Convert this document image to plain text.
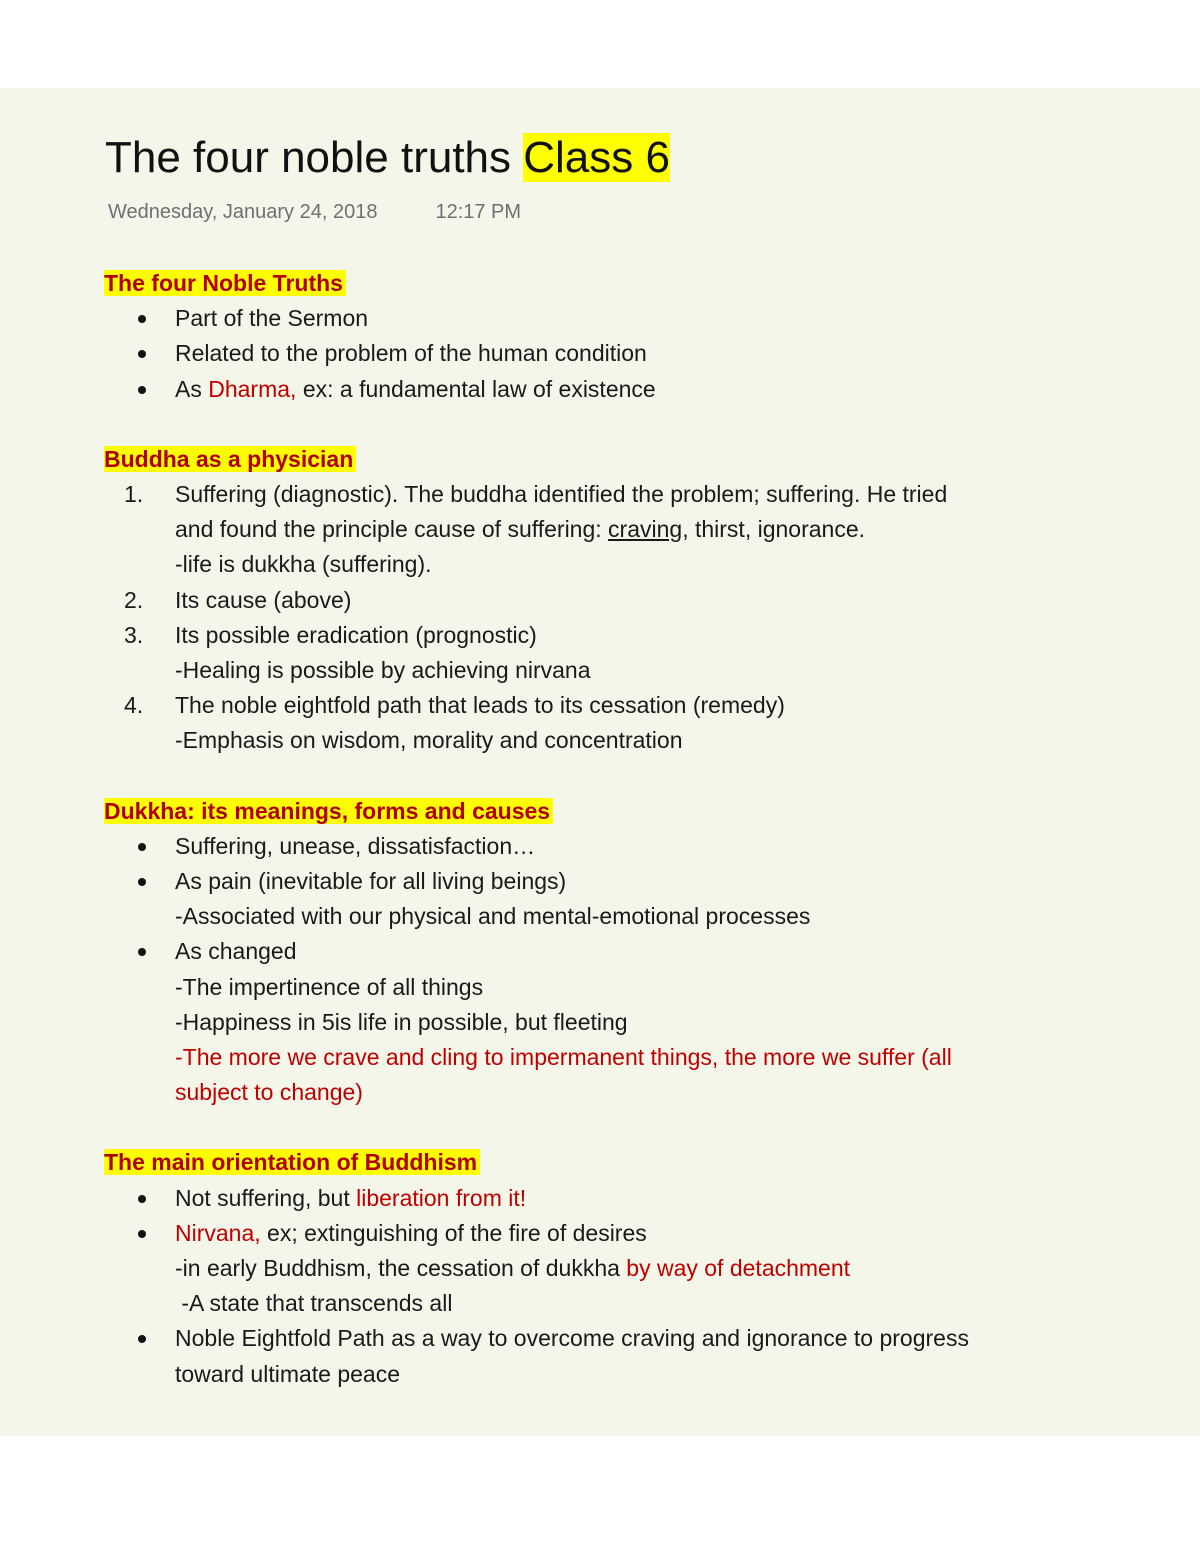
The four noble truths Class 6
Wednesday, January 24, 2018	12:17 PM
The four Noble Truths
Part of the Sermon
Related to the problem of the human condition
As Dharma, ex: a fundamental law of existence
Buddha as a physician
1.	Suffering (diagnostic). The buddha identified the problem; suffering. He tried
and found the principle cause of suffering: craving, thirst, ignorance.
-life is dukkha (suffering).
2.	Its cause (above)
3.	Its possible eradication (prognostic)
-Healing is possible by achieving nirvana
4.	The noble eightfold path that leads to its cessation (remedy)
-Emphasis on wisdom, morality and concentration
Dukkha: its meanings, forms and causes
Suffering, unease, dissatisfaction…
As pain (inevitable for all living beings)
-Associated with our physical and mental-emotional processes
As changed
-The impertinence of all things
-Happiness in 5is life in possible, but fleeting
-The more we crave and cling to impermanent things, the more we suffer (all
subject to change)
The main orientation of Buddhism
Not suffering, but liberation from it!
Nirvana, ex; extinguishing of the fire of desires
-in early Buddhism, the cessation of dukkha by way of detachment
-A state that transcends all
Noble Eightfold Path as a way to overcome craving and ignorance to progress
toward ultimate peace
